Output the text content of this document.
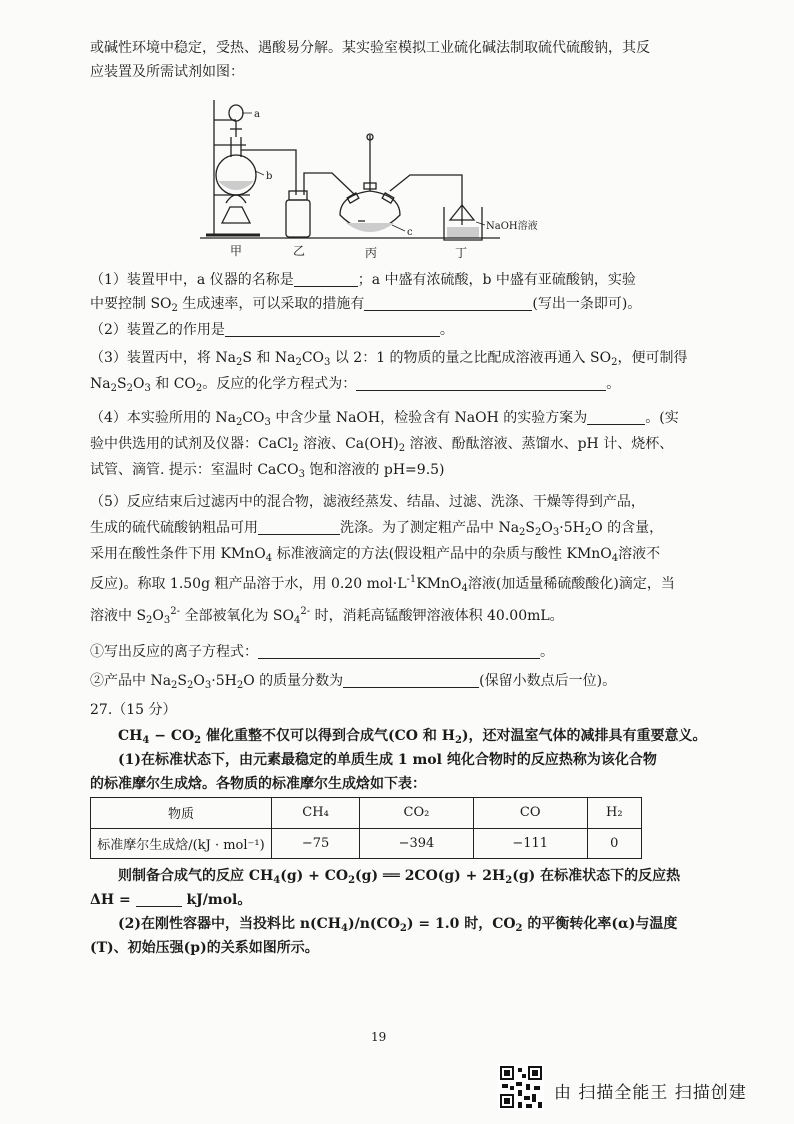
或碱性环境中稳定，受热、遇酸易分解。某实验室模拟工业硫化碱法制取硫代硫酸钠，其反
应装置及所需试剂如图：
a
b
c
NaOH溶液
甲	乙	丙	丁
（1）装置甲中，a 仪器的名称是	；a 中盛有浓硫酸，b 中盛有亚硫酸钠，实验
中要控制 $SO_2$ 生成速率，可以采取的措施有	(写出一条即可)。
（2）装置乙的作用是	。
（3）装置丙中，将 $Na_2S$ 和 $Na_2CO_3$ 以 2：1 的物质的量之比配成溶液再通入 $SO_2$，便可制得
$Na_2S_2O_3$ 和 $CO_2$。反应的化学方程式为：	。
（4）本实验所用的 $Na_2CO_3$ 中含少量 NaOH，检验含有 NaOH 的实验方案为	。(实
验中供选用的试剂及仪器：CaCl$_2$ 溶液、$Ca(OH)_2$ 溶液、酚酞溶液、蒸馏水、pH 计、烧杯、
试管、滴管. 提示：室温时 CaCO$_3$ 饱和溶液的 pH=9.5)
（5）反应结束后过滤丙中的混合物，滤液经蒸发、结晶、过滤、洗涤、干燥等得到产品，
生成的硫代硫酸钠粗品可用	洗涤。为了测定粗产品中 $Na_2S_2O_3\cdot 5H_2O$ 的含量，
采用在酸性条件下用 KMnO$_4$ 标准液滴定的方法(假设粗产品中的杂质与酸性 KMnO$_4$溶液不
反应)。称取 1.50g 粗产品溶于水，用 0.20 $mol\cdot L^{-1}KMnO_4$溶液(加适量稀硫酸酸化)滴定，当
溶液中 $S_2O_3^{2-}$ 全部被氧化为 $SO_4^{2-}$ 时，消耗高锰酸钾溶液体积 40.00mL。
①写出反应的离子方程式：	。
②产品中 $Na_2S_2O_3\cdot 5H_2O$ 的质量分数为	(保留小数点后一位)。
27.（15 分）
$CH_4 - CO_2$ 催化重整不仅可以得到合成气(CO 和 $H_2$)，还对温室气体的减排具有重要意义。
(1)在标准状态下，由元素最稳定的单质生成 1 mol 纯化合物时的反应热称为该化合物
的标准摩尔生成焓。各物质的标准摩尔生成焓如下表：
物质	CH₄	CO₂	CO	H₂
标准摩尔生成焓/(kJ · mol⁻¹)	−75	−394	−111	0
则制备合成气的反应 $CH_4(g) + CO_2(g)$ ══ $2CO(g) + 2H_2(g)$ 在标准状态下的反应热
ΔH =	kJ/mol。
(2)在刚性容器中，当投料比 $n(CH_4)/n(CO_2) = 1.0$ 时，$CO_2$ 的平衡转化率(α)与温度
(T)、初始压强(p)的关系如图所示。
19
由 扫描全能王 扫描创建
